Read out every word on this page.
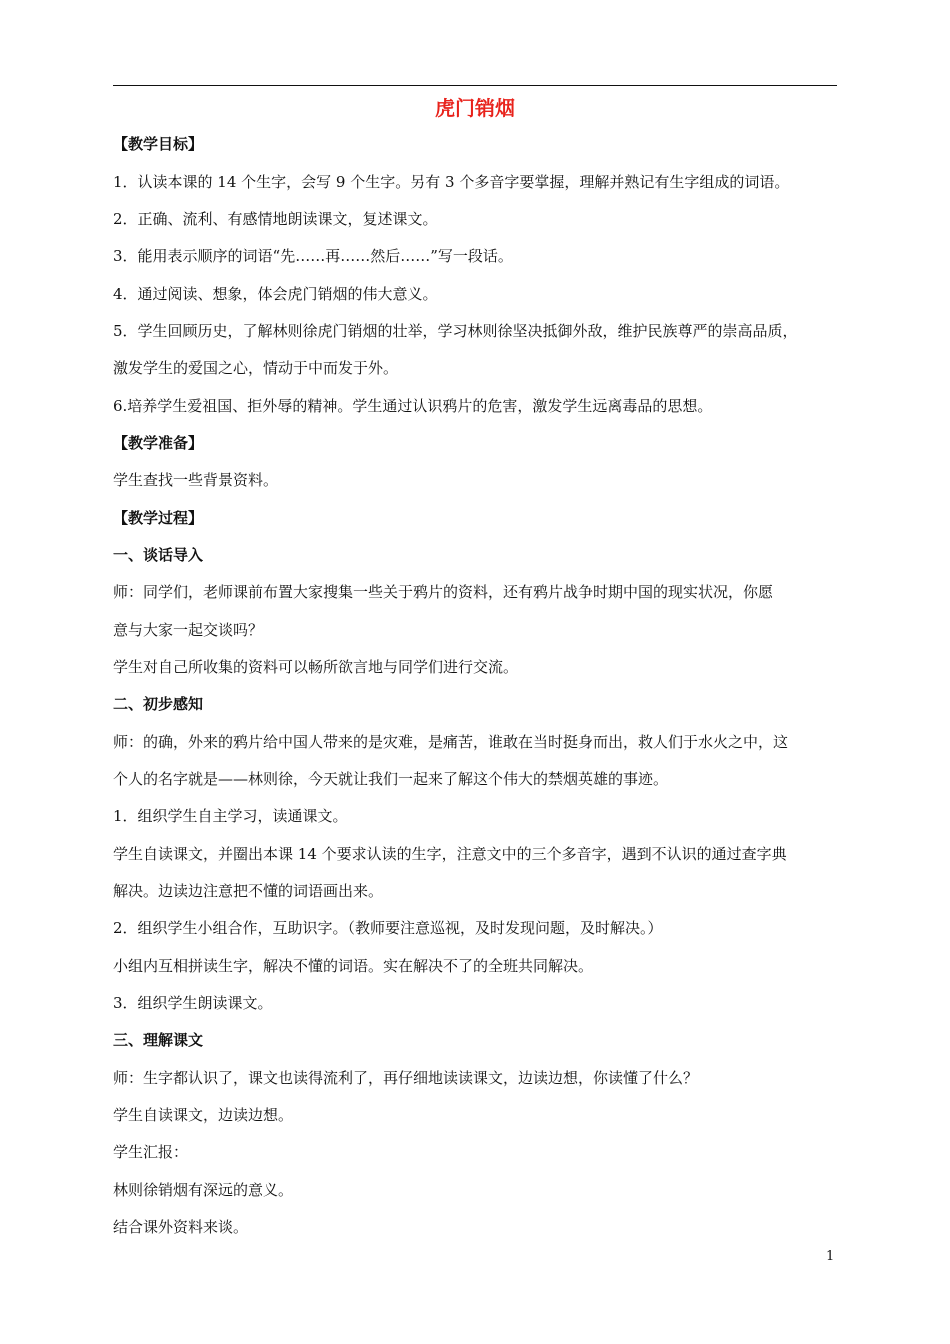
虎门销烟
【教学目标】
1．认读本课的 14 个生字，会写 9 个生字。另有 3 个多音字要掌握，理解并熟记有生字组成的词语。
2．正确、流利、有感情地朗读课文，复述课文。
3．能用表示顺序的词语“先……再……然后……”写一段话。
4．通过阅读、想象，体会虎门销烟的伟大意义。
5．学生回顾历史，了解林则徐虎门销烟的壮举，学习林则徐坚决抵御外敌，维护民族尊严的崇高品质，
激发学生的爱国之心，情动于中而发于外。
6.培养学生爱祖国、拒外辱的精神。学生通过认识鸦片的危害，激发学生远离毒品的思想。
【教学准备】
学生查找一些背景资料。
【教学过程】
一、谈话导入
师：同学们，老师课前布置大家搜集一些关于鸦片的资料，还有鸦片战争时期中国的现实状况，你愿
意与大家一起交谈吗？
学生对自己所收集的资料可以畅所欲言地与同学们进行交流。
二、初步感知
师：的确，外来的鸦片给中国人带来的是灾难，是痛苦，谁敢在当时挺身而出，救人们于水火之中，这
个人的名字就是——林则徐，今天就让我们一起来了解这个伟大的禁烟英雄的事迹。
1．组织学生自主学习，读通课文。
学生自读课文，并圈出本课 14 个要求认读的生字，注意文中的三个多音字，遇到不认识的通过查字典
解决。边读边注意把不懂的词语画出来。
2．组织学生小组合作，互助识字。（教师要注意巡视，及时发现问题，及时解决。）
小组内互相拼读生字，解决不懂的词语。实在解决不了的全班共同解决。
3．组织学生朗读课文。
三、理解课文
师：生字都认识了，课文也读得流利了，再仔细地读读课文，边读边想，你读懂了什么？
学生自读课文，边读边想。
学生汇报：
林则徐销烟有深远的意义。
结合课外资料来谈。
1
